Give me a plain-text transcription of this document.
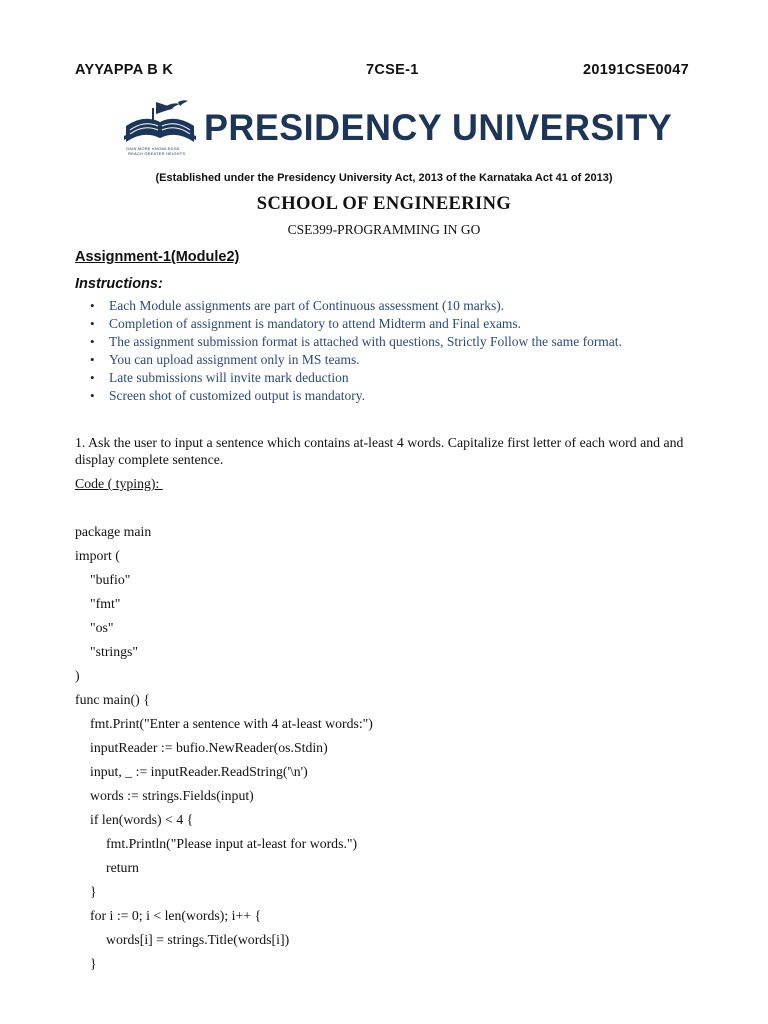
AYYAPPA B K	7CSE-1	20191CSE0047
GAIN MORE KNOWLEDGE
REACH GREATER HEIGHTS
PRESIDENCY UNIVERSITY
(Established under the Presidency University Act, 2013 of the Karnataka Act 41 of 2013)
SCHOOL OF ENGINEERING
CSE399-PROGRAMMING IN GO
Assignment-1(Module2)
Instructions:
• Each Module assignments are part of Continuous assessment (10 marks).
• Completion of assignment is mandatory to attend Midterm and Final exams.
• The assignment submission format is attached with questions, Strictly Follow the same format.
• You can upload assignment only in MS teams.
• Late submissions will invite mark deduction
• Screen shot of customized output is mandatory.
1. Ask the user to input a sentence which contains at-least 4 words. Capitalize first letter of each word and and display complete sentence.
Code ( typing):
package main
import (
"bufio"
"fmt"
"os"
"strings"
)
func main() {
fmt.Print("Enter a sentence with 4 at-least words:")
inputReader := bufio.NewReader(os.Stdin)
input, _ := inputReader.ReadString('\n')
words := strings.Fields(input)
if len(words) < 4 {
fmt.Println("Please input at-least for words.")
return
}
for i := 0; i < len(words); i++ {
words[i] = strings.Title(words[i])
}
